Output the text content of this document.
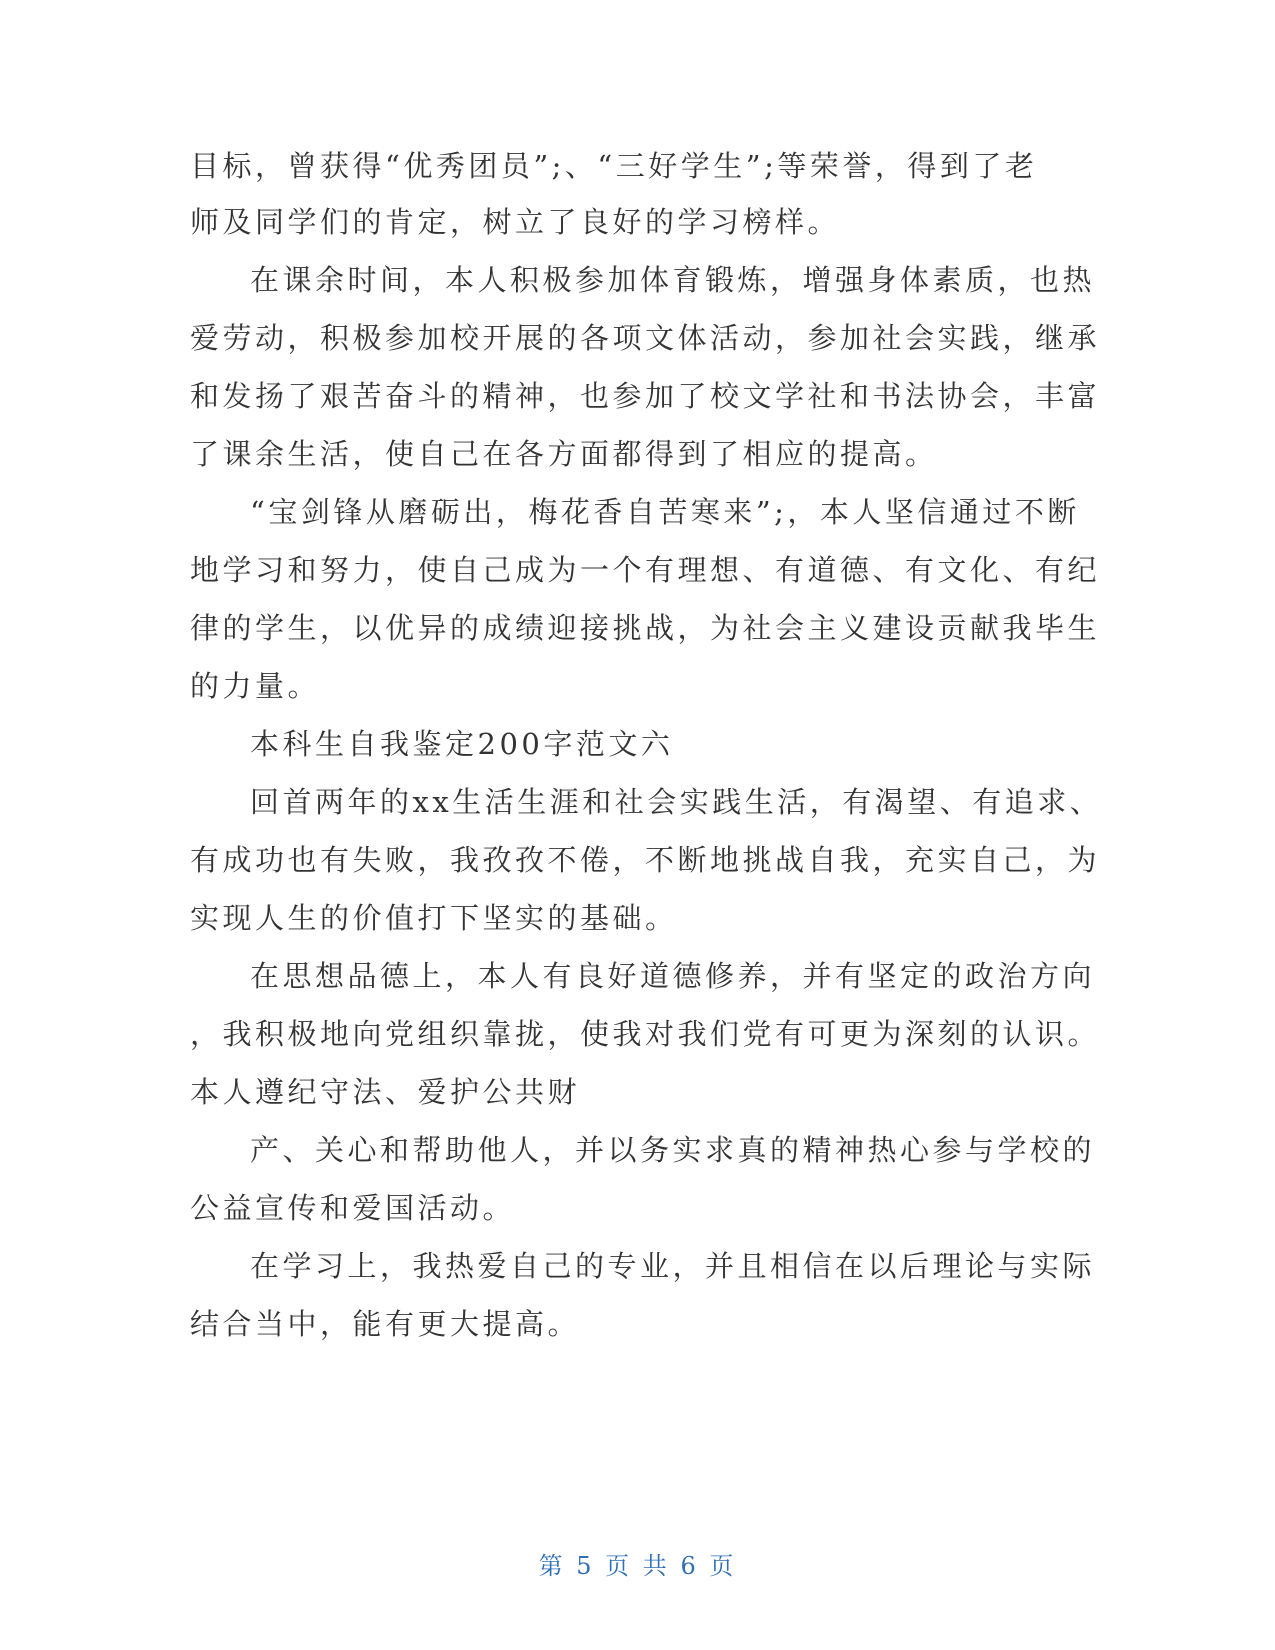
目标，曾获得“优秀团员”;、“三好学生”;等荣誉，得到了老
师及同学们的肯定，树立了良好的学习榜样。
在课余时间，本人积极参加体育锻炼，增强身体素质，也热
爱劳动，积极参加校开展的各项文体活动，参加社会实践，继承
和发扬了艰苦奋斗的精神，也参加了校文学社和书法协会，丰富
了课余生活，使自己在各方面都得到了相应的提高。
“宝剑锋从磨砺出，梅花香自苦寒来”;，本人坚信通过不断
地学习和努力，使自己成为一个有理想、有道德、有文化、有纪
律的学生，以优异的成绩迎接挑战，为社会主义建设贡献我毕生
的力量。
本科生自我鉴定200字范文六
回首两年的xx生活生涯和社会实践生活，有渴望、有追求、
有成功也有失败，我孜孜不倦，不断地挑战自我，充实自己，为
实现人生的价值打下坚实的基础。
在思想品德上，本人有良好道德修养，并有坚定的政治方向
，我积极地向党组织靠拢，使我对我们党有可更为深刻的认识。
本人遵纪守法、爱护公共财
产、关心和帮助他人，并以务实求真的精神热心参与学校的
公益宣传和爱国活动。
在学习上，我热爱自己的专业，并且相信在以后理论与实际
结合当中，能有更大提高。
第 5 页 共 6 页
